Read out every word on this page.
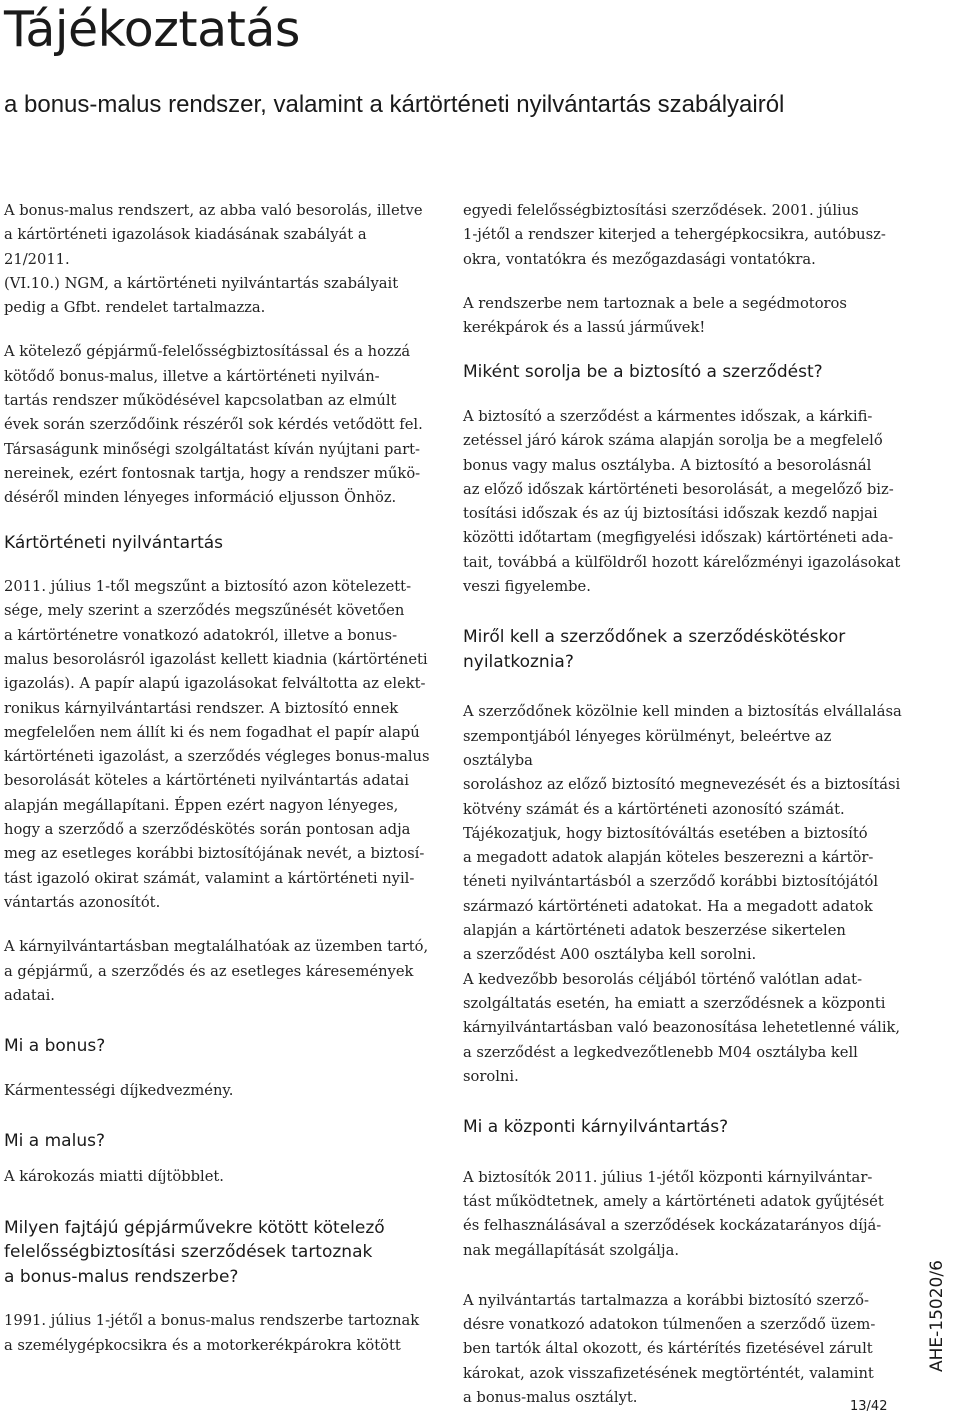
Tájékoztatás
a bonus-malus rendszer, valamint a kártörténeti nyilvántartás szabályairól

A bonus-malus rendszert, az abba való besorolás, illetve
a kártörténeti igazolások kiadásának szabályát a 21/2011.
(VI.10.) NGM, a kártörténeti nyilvántartás szabályait
pedig a Gfbt. rendelet tartalmazza.

A kötelező gépjármű-felelősségbiztosítással és a hozzá
kötődő bonus-malus, illetve a kártörténeti nyilván-
tartás rendszer működésével kapcsolatban az elmúlt
évek során szerződőink részéről sok kérdés vetődött fel.
Társaságunk minőségi szolgáltatást kíván nyújtani part-
nereinek, ezért fontosnak tartja, hogy a rendszer műkö-
déséről minden lényeges információ eljusson Önhöz.

Kártörténeti nyilvántartás

2011. július 1-től megszűnt a biztosító azon kötelezett-
sége, mely szerint a szerződés megszűnését követően
a kártörténetre vonatkozó adatokról, illetve a bonus-
malus besorolásról igazolást kellett kiadnia (kártörténeti
igazolás). A papír alapú igazolásokat felváltotta az elekt-
ronikus kárnyilvántartási rendszer. A biztosító ennek
megfelelően nem állít ki és nem fogadhat el papír alapú
kártörténeti igazolást, a szerződés végleges bonus-malus
besorolását köteles a kártörténeti nyilvántartás adatai
alapján megállapítani. Éppen ezért nagyon lényeges,
hogy a szerződő a szerződéskötés során pontosan adja
meg az esetleges korábbi biztosítójának nevét, a biztosí-
tást igazoló okirat számát, valamint a kártörténeti nyil-
vántartás azonosítót.

A kárnyilvántartásban megtalálhatóak az üzemben tartó,
a gépjármű, a szerződés és az esetleges káresemények
adatai.

Mi a bonus?

Kármentességi díjkedvezmény.

Mi a malus?

A károkozás miatti díjtöbblet.

Milyen fajtájú gépjárművekre kötött kötelező
felelősségbiztosítási szerződések tartoznak
a bonus-malus rendszerbe?

1991. július 1-jétől a bonus-malus rendszerbe tartoznak
a személygépkocsikra és a motorkerékpárokra kötött

egyedi felelősségbiztosítási szerződések. 2001. július
1-jétől a rendszer kiterjed a tehergépkocsikra, autóbusz-
okra, vontatókra és mezőgazdasági vontatókra.

A rendszerbe nem tartoznak a bele a segédmotoros
kerékpárok és a lassú járművek!

Miként sorolja be a biztosító a szerződést?

A biztosító a szerződést a kármentes időszak, a kárkifi-
zetéssel járó károk száma alapján sorolja be a megfelelő
bonus vagy malus osztályba. A biztosító a besorolásnál
az előző időszak kártörténeti besorolását, a megelőző biz-
tosítási időszak és az új biztosítási időszak kezdő napjai
közötti időtartam (megfigyelési időszak) kártörténeti ada-
tait, továbbá a külföldről hozott kárelőzményi igazolásokat
veszi figyelembe.

Miről kell a szerződőnek a szerződéskötéskor
nyilatkoznia?

A szerződőnek közölnie kell minden a biztosítás elvállalása
szempontjából lényeges körülményt, beleértve az osztályba
soroláshoz az előző biztosító megnevezését és a biztosítási
kötvény számát és a kártörténeti azonosító számát.
Tájékozatjuk, hogy biztosítóváltás esetében a biztosító
a megadott adatok alapján köteles beszerezni a kártör-
téneti nyilvántartásból a szerződő korábbi biztosítójától
származó kártörténeti adatokat. Ha a megadott adatok
alapján a kártörténeti adatok beszerzése sikertelen
a szerződést A00 osztályba kell sorolni.
A kedvezőbb besorolás céljából történő valótlan adat-
szolgáltatás esetén, ha emiatt a szerződésnek a központi
kárnyilvántartásban való beazonosítása lehetetlenné válik,
a szerződést a legkedvezőtlenebb M04 osztályba kell sorolni.

Mi a központi kárnyilvántartás?

A biztosítók 2011. július 1-jétől központi kárnyilvántar-
tást működtetnek, amely a kártörténeti adatok gyűjtését
és felhasználásával a szerződések kockázatarányos díjá-
nak megállapítását szolgálja.

A nyilvántartás tartalmazza a korábbi biztosító szerző-
désre vonatkozó adatokon túlmenően a szerződő üzem-
ben tartók által okozott, és kártérítés fizetésével zárult
károkat, azok visszafizetésének megtörténtét, valamint
a bonus-malus osztályt.

AHE-15020/6
13/42
